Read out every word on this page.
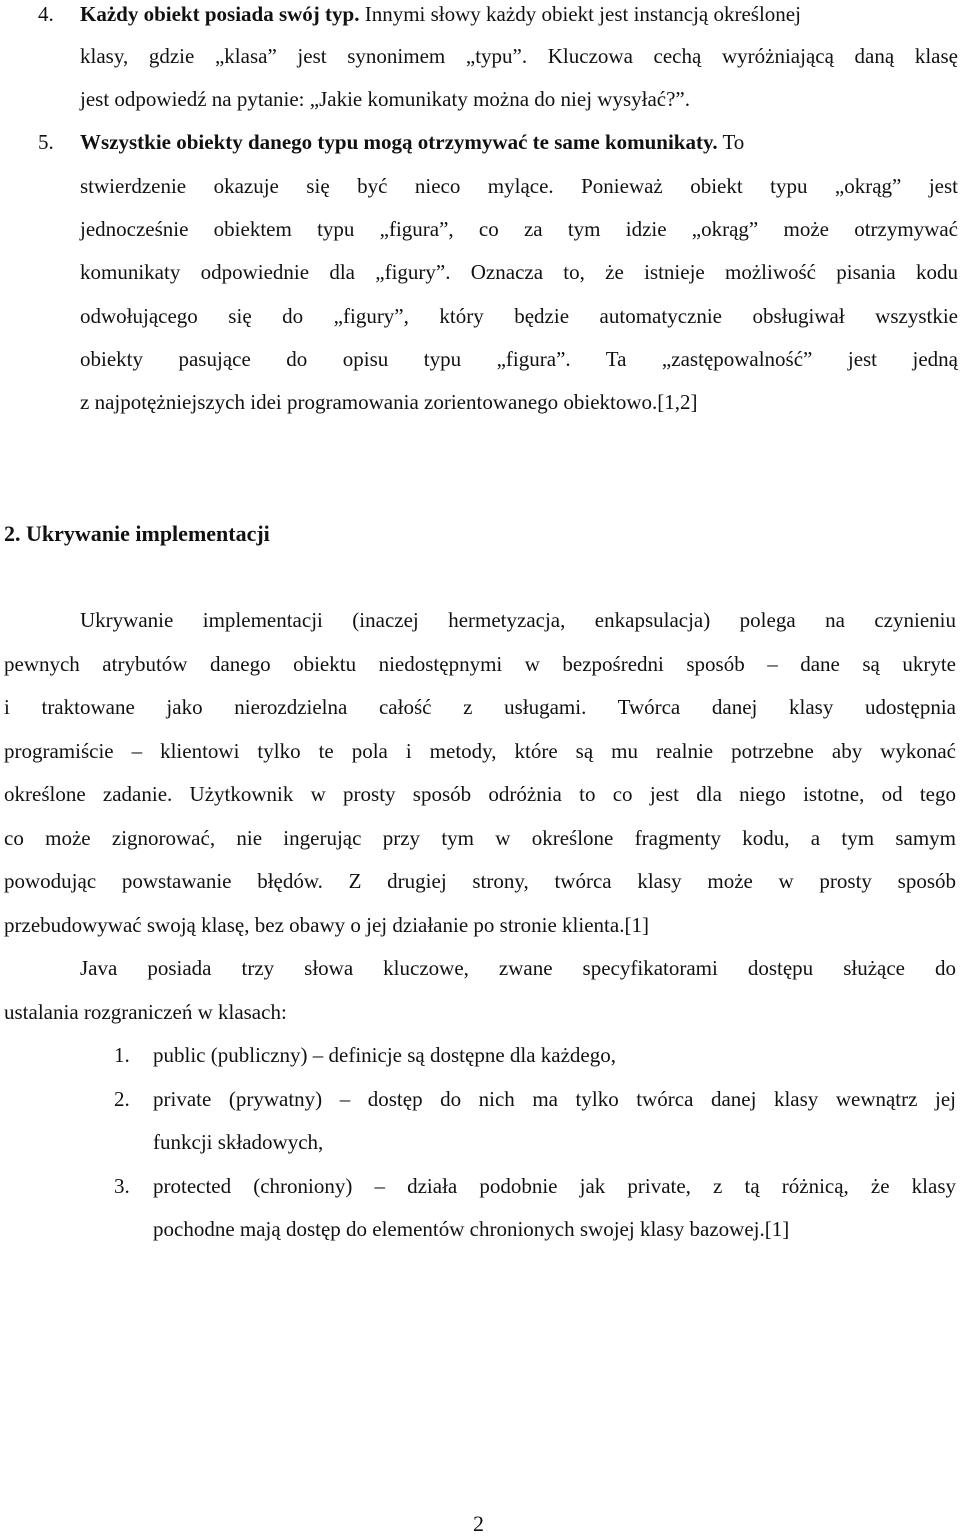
4. Każdy obiekt posiada swój typ. Innymi słowy każdy obiekt jest instancją określonej
klasy, gdzie „klasa” jest synonimem „typu”. Kluczowa cechą wyróżniającą daną klasę
jest odpowiedź na pytanie: „Jakie komunikaty można do niej wysyłać?”.
5. Wszystkie obiekty danego typu mogą otrzymywać te same komunikaty. To
stwierdzenie okazuje się być nieco mylące. Ponieważ obiekt typu „okrąg” jest
jednocześnie obiektem typu „figura”, co za tym idzie „okrąg” może otrzymywać
komunikaty odpowiednie dla „figury”. Oznacza to, że istnieje możliwość pisania kodu
odwołującego się do „figury”, który będzie automatycznie obsługiwał wszystkie
obiekty pasujące do opisu typu „figura”. Ta „zastępowalność” jest jedną
z najpotężniejszych idei programowania zorientowanego obiektowo.[1,2]
2. Ukrywanie implementacji
Ukrywanie implementacji (inaczej hermetyzacja, enkapsulacja) polega na czynieniu
pewnych atrybutów danego obiektu niedostępnymi w bezpośredni sposób – dane są ukryte
i traktowane jako nierozdzielna całość z usługami. Twórca danej klasy udostępnia
programiście – klientowi tylko te pola i metody, które są mu realnie potrzebne aby wykonać
określone zadanie. Użytkownik w prosty sposób odróżnia to co jest dla niego istotne, od tego
co może zignorować, nie ingerując przy tym w określone fragmenty kodu, a tym samym
powodując powstawanie błędów. Z drugiej strony, twórca klasy może w prosty sposób
przebudowywać swoją klasę, bez obawy o jej działanie po stronie klienta.[1]
Java posiada trzy słowa kluczowe, zwane specyfikatorami dostępu służące do
ustalania rozgraniczeń w klasach:
1. public (publiczny) – definicje są dostępne dla każdego,
2. private (prywatny) – dostęp do nich ma tylko twórca danej klasy wewnątrz jej
funkcji składowych,
3. protected (chroniony) – działa podobnie jak private, z tą różnicą, że klasy
pochodne mają dostęp do elementów chronionych swojej klasy bazowej.[1]
2
